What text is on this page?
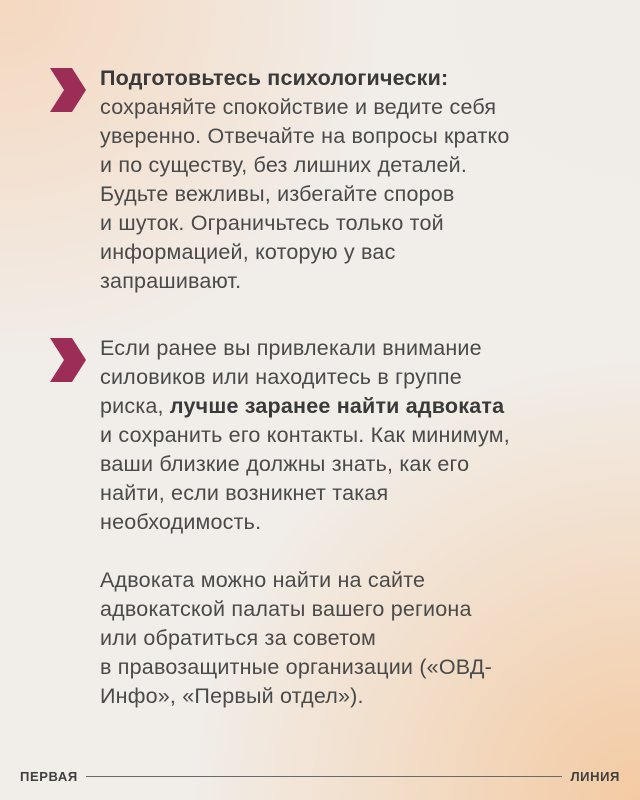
Подготовьтесь психологически:

сохраняйте спокойствие и ведите себя

уверенно. Отвечайте на вопросы кратко

и по существу, без лишних деталей.

Будьте вежливы, избегайте споров

и шуток. Ограничьтесь только той

информацией, которую у вас

запрашивают.

Если ранее вы привлекали внимание

силовиков или находитесь в группе

риска, лучше заранее найти адвоката

и сохранить его контакты. Как минимум,

ваши близкие должны знать, как его

найти, если возникнет такая

необходимость.

Адвоката можно найти на сайте

адвокатской палаты вашего региона

или обратиться за советом

в правозащитные организации («ОВД-

Инфо», «Первый отдел»).

ПЕРВАЯ	ЛИНИЯ
